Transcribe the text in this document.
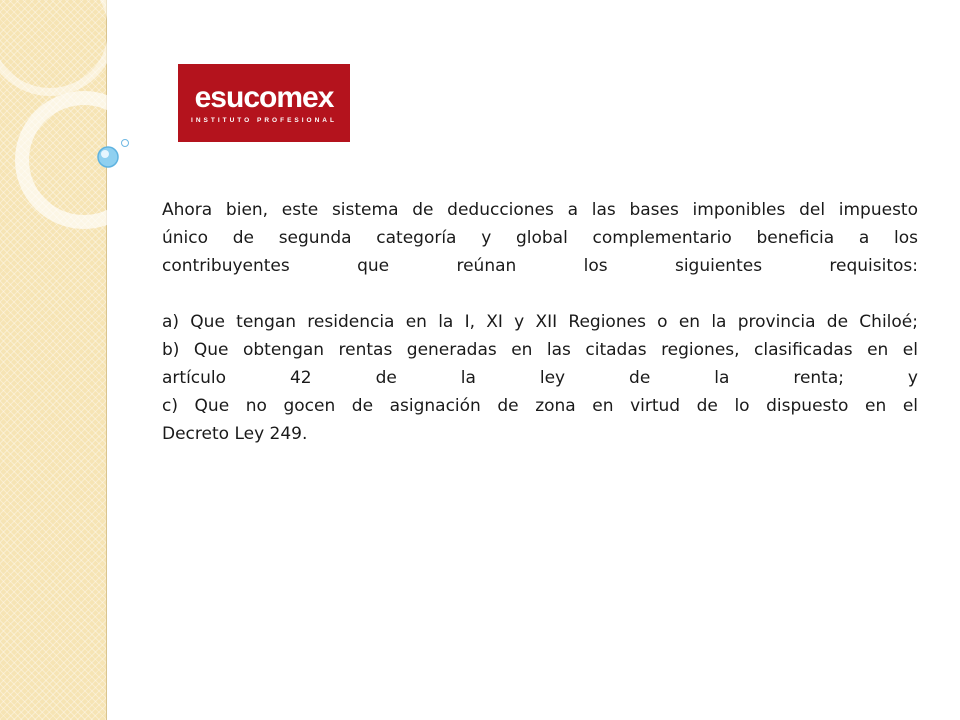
esucomex
INSTITUTO PROFESIONAL

Ahora bien, este sistema de deducciones a las bases imponibles del impuesto

único de segunda categoría y global complementario beneficia a los

contribuyentes que reúnan los siguientes requisitos:

a) Que tengan residencia en la I, XI y XII Regiones o en la provincia de Chiloé;

b) Que obtengan rentas generadas en las citadas regiones, clasificadas en el

artículo 42 de la ley de la renta; y

c) Que no gocen de asignación de zona en virtud de lo dispuesto en el

Decreto Ley 249.
